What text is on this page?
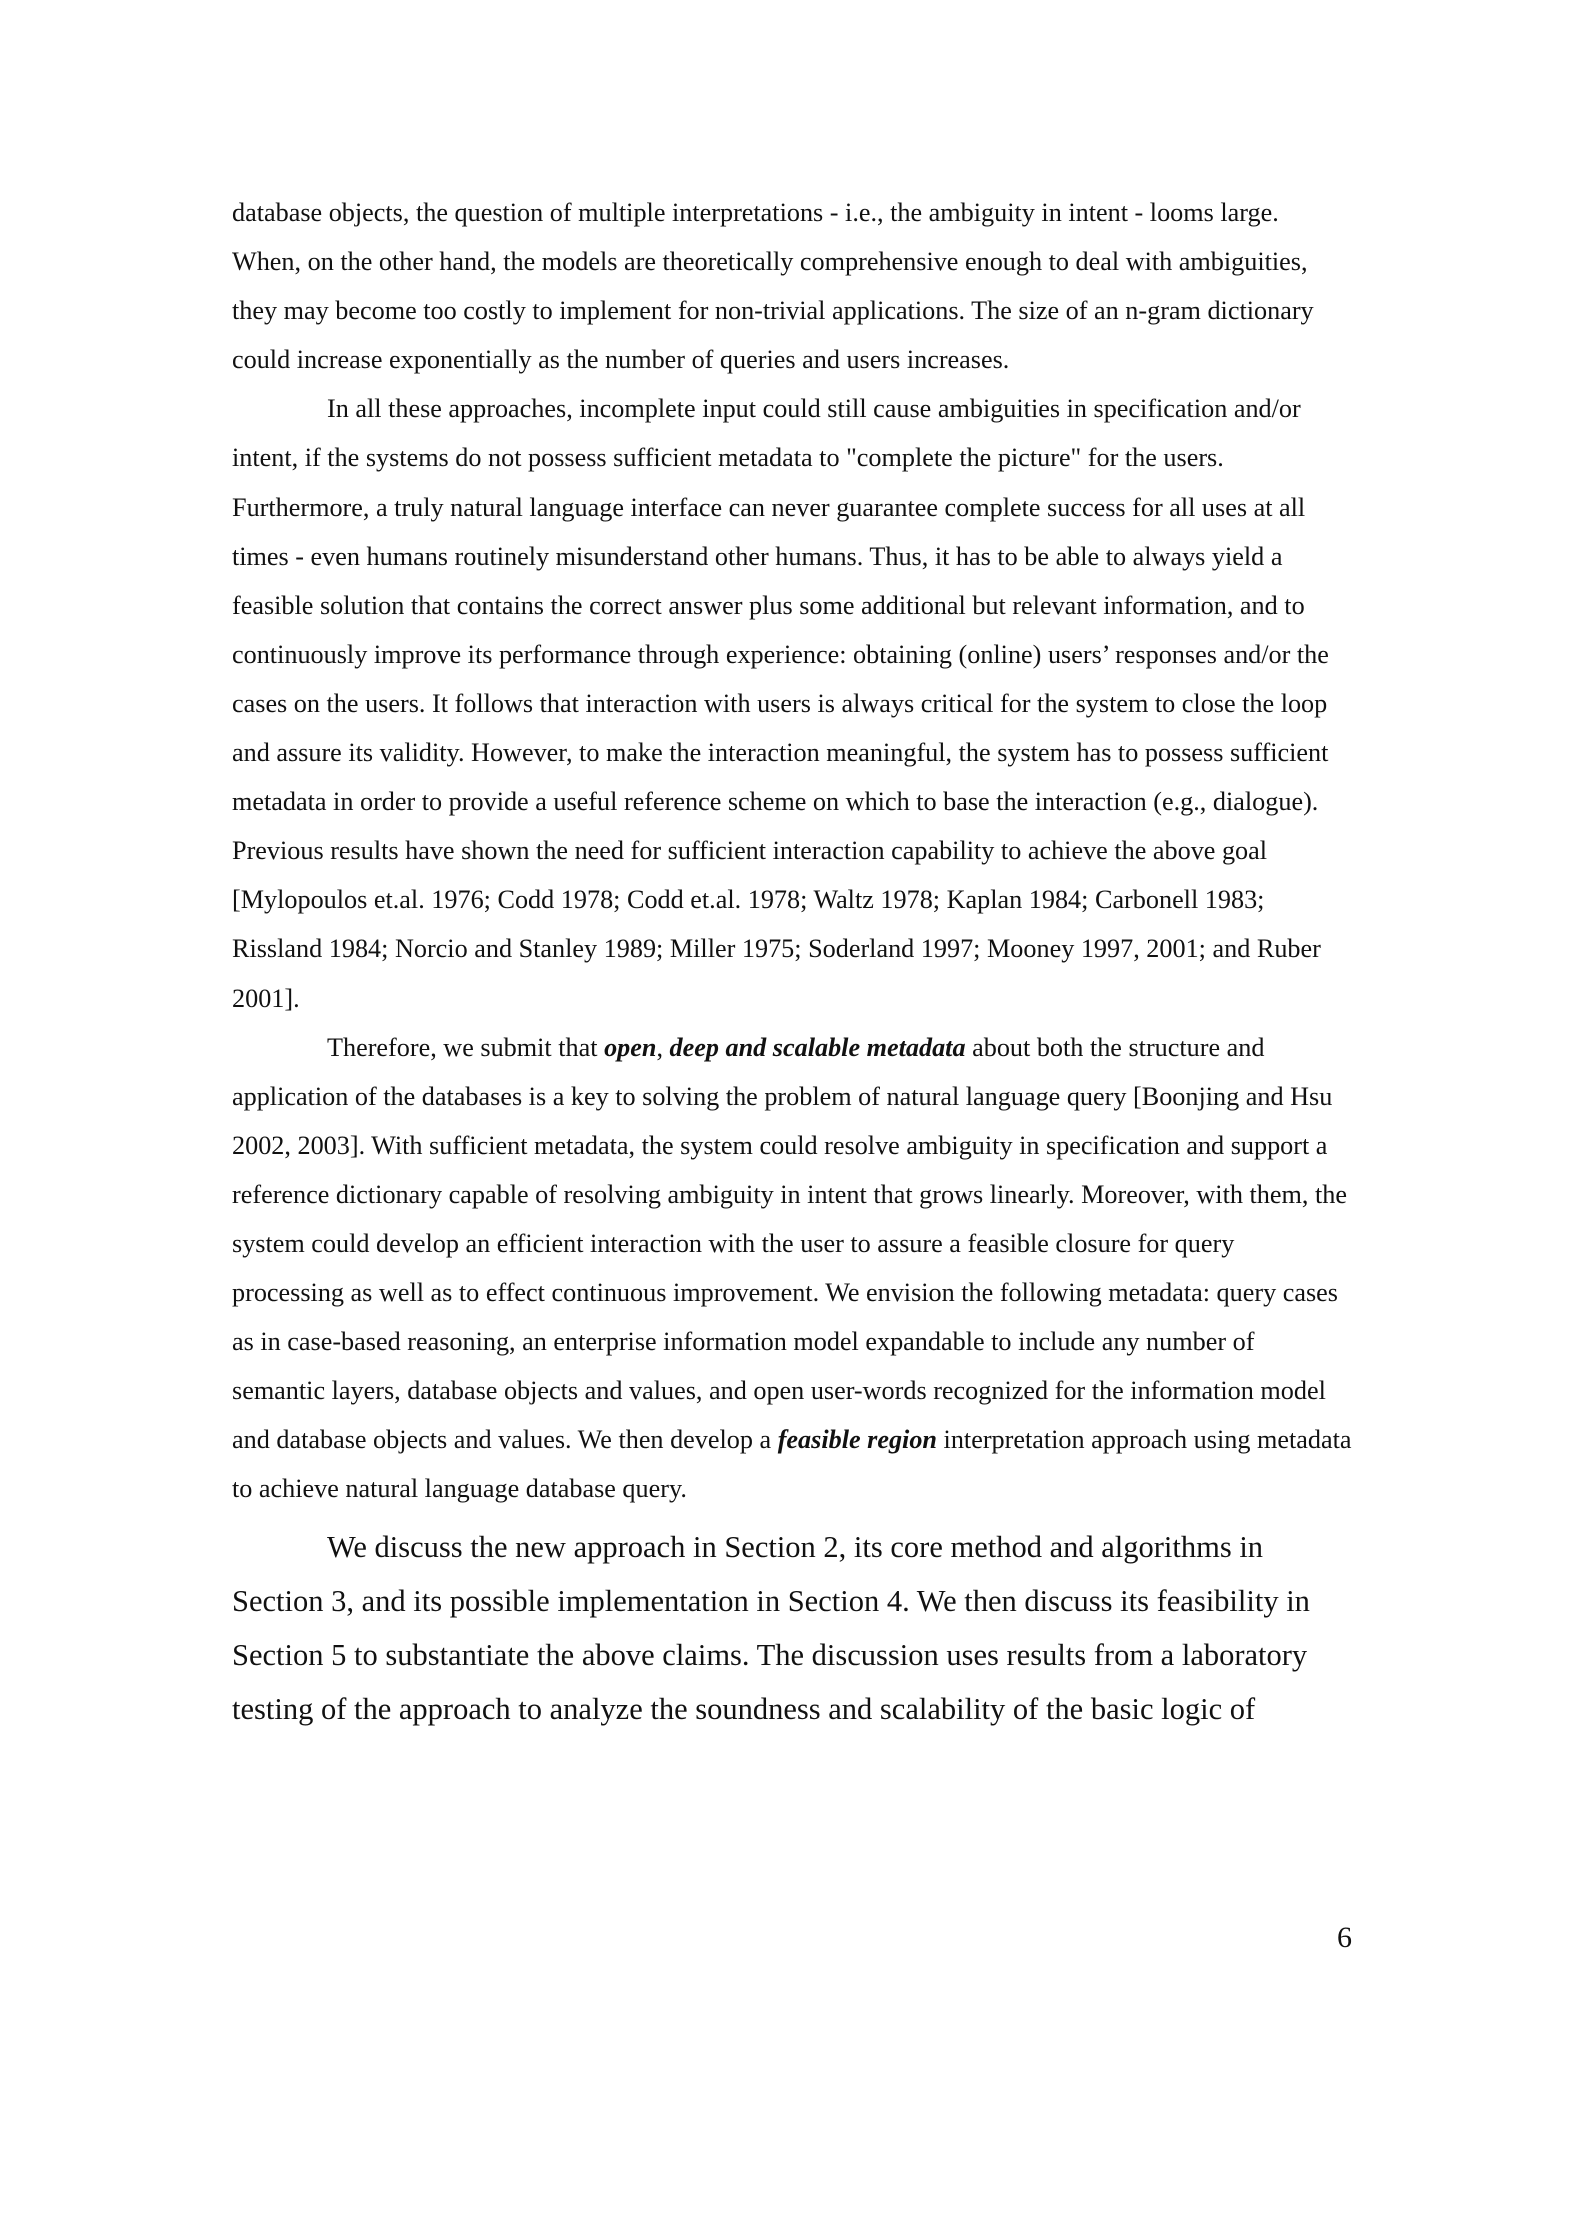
database objects, the question of multiple interpretations - i.e., the ambiguity in intent - looms large. When, on the other hand, the models are theoretically comprehensive enough to deal with ambiguities, they may become too costly to implement for non-trivial applications. The size of an n-gram dictionary could increase exponentially as the number of queries and users increases.

In all these approaches, incomplete input could still cause ambiguities in specification and/or intent, if the systems do not possess sufficient metadata to "complete the picture" for the users. Furthermore, a truly natural language interface can never guarantee complete success for all uses at all times - even humans routinely misunderstand other humans. Thus, it has to be able to always yield a feasible solution that contains the correct answer plus some additional but relevant information, and to continuously improve its performance through experience: obtaining (online) users’ responses and/or the cases on the users. It follows that interaction with users is always critical for the system to close the loop and assure its validity. However, to make the interaction meaningful, the system has to possess sufficient metadata in order to provide a useful reference scheme on which to base the interaction (e.g., dialogue). Previous results have shown the need for sufficient interaction capability to achieve the above goal [Mylopoulos et.al. 1976; Codd 1978; Codd et.al. 1978; Waltz 1978; Kaplan 1984; Carbonell 1983; Rissland 1984; Norcio and Stanley 1989; Miller 1975; Soderland 1997; Mooney 1997, 2001; and Ruber 2001].

Therefore, we submit that open, deep and scalable metadata about both the structure and application of the databases is a key to solving the problem of natural language query [Boonjing and Hsu 2002, 2003]. With sufficient metadata, the system could resolve ambiguity in specification and support a reference dictionary capable of resolving ambiguity in intent that grows linearly. Moreover, with them, the system could develop an efficient interaction with the user to assure a feasible closure for query processing as well as to effect continuous improvement. We envision the following metadata: query cases as in case-based reasoning, an enterprise information model expandable to include any number of semantic layers, database objects and values, and open user-words recognized for the information model and database objects and values. We then develop a feasible region interpretation approach using metadata to achieve natural language database query.

We discuss the new approach in Section 2, its core method and algorithms in Section 3, and its possible implementation in Section 4. We then discuss its feasibility in Section 5 to substantiate the above claims. The discussion uses results from a laboratory testing of the approach to analyze the soundness and scalability of the basic logic of

6
